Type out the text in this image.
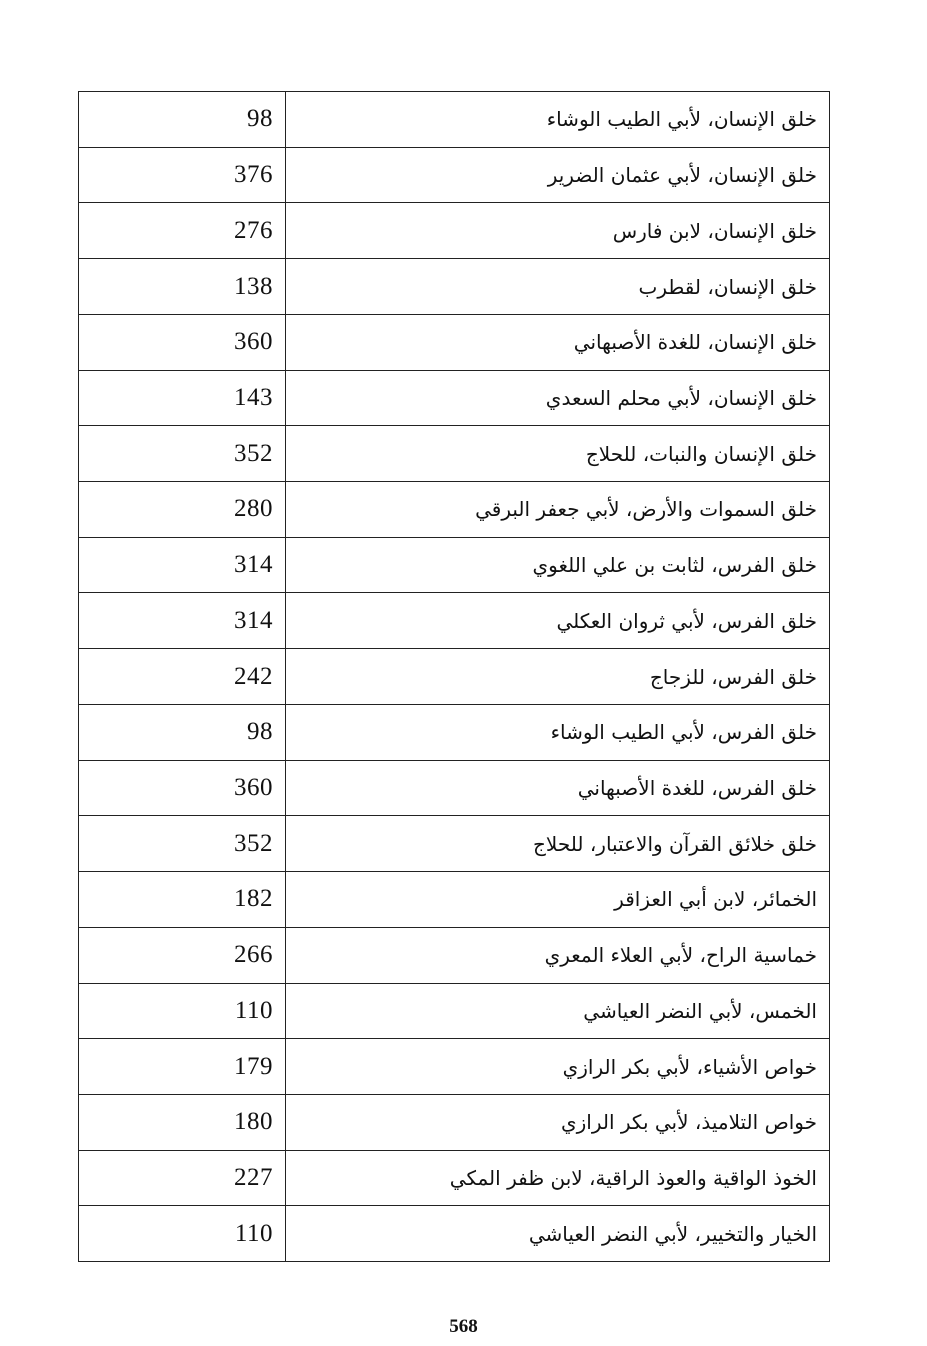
98	خلق الإنسان، لأبي الطيب الوشاء
376	خلق الإنسان، لأبي عثمان الضرير
276	خلق الإنسان، لابن فارس
138	خلق الإنسان، لقطرب
360	خلق الإنسان، للغدة الأصبهاني
143	خلق الإنسان، لأبي محلم السعدي
352	خلق الإنسان والنبات، للحلاج
280	خلق السموات والأرض، لأبي جعفر البرقي
314	خلق الفرس، لثابت بن علي اللغوي
314	خلق الفرس، لأبي ثروان العكلي
242	خلق الفرس، للزجاج
98	خلق الفرس، لأبي الطيب الوشاء
360	خلق الفرس، للغدة الأصبهاني
352	خلق خلائق القرآن والاعتبار، للحلاج
182	الخمائر، لابن أبي العزاقر
266	خماسية الراح، لأبي العلاء المعري
110	الخمس، لأبي النضر العياشي
179	خواص الأشياء، لأبي بكر الرازي
180	خواص التلاميذ، لأبي بكر الرازي
227	الخوذ الواقية والعوذ الراقية، لابن ظفر المكي
110	الخيار والتخيير، لأبي النضر العياشي
568
